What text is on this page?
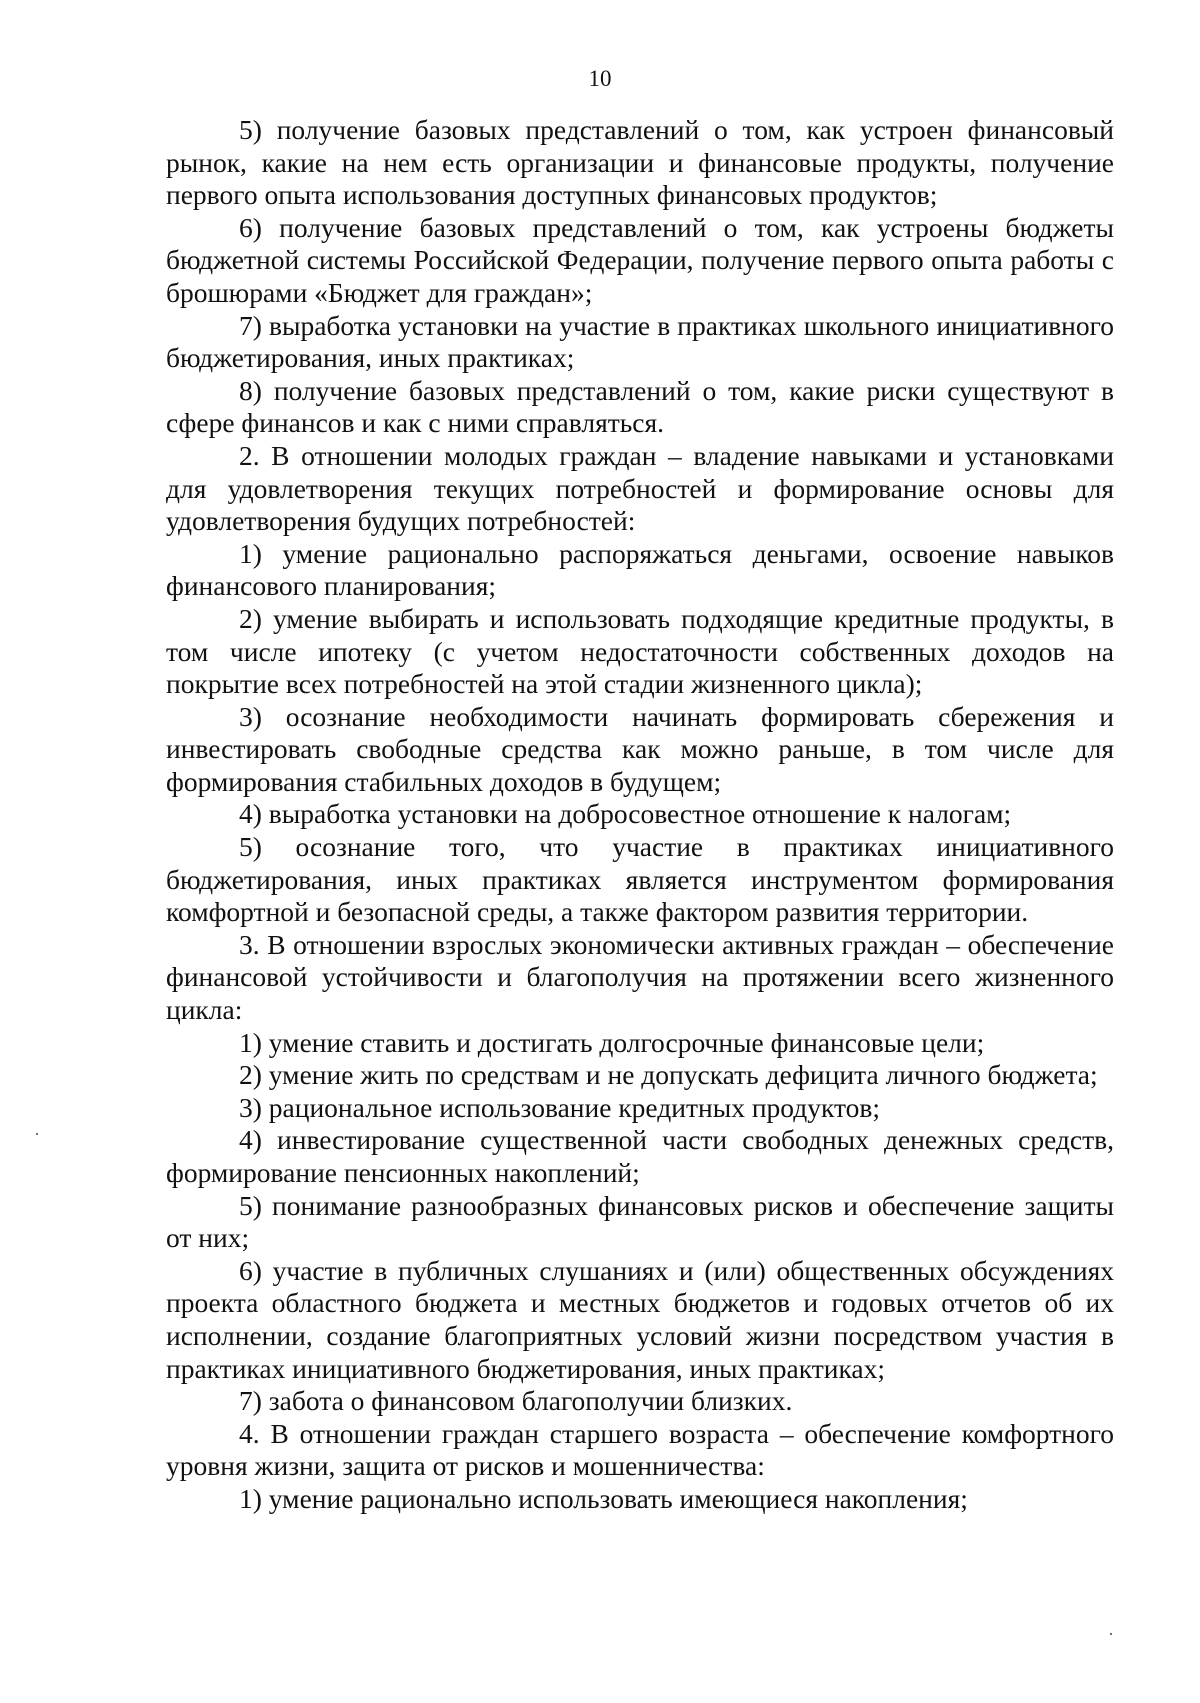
10

5) получение базовых представлений о том, как устроен финансовый рынок, какие на нем есть организации и финансовые продукты, получение первого опыта использования доступных финансовых продуктов;

6) получение базовых представлений о том, как устроены бюджеты бюджетной системы Российской Федерации, получение первого опыта работы с брошюрами «Бюджет для граждан»;

7) выработка установки на участие в практиках школьного инициативного бюджетирования, иных практиках;

8) получение базовых представлений о том, какие риски существуют в сфере финансов и как с ними справляться.

2. В отношении молодых граждан – владение навыками и установками для удовлетворения текущих потребностей и формирование основы для удовлетворения будущих потребностей:

1) умение рационально распоряжаться деньгами, освоение навыков финансового планирования;

2) умение выбирать и использовать подходящие кредитные продукты, в том числе ипотеку (с учетом недостаточности собственных доходов на покрытие всех потребностей на этой стадии жизненного цикла);

3) осознание необходимости начинать формировать сбережения и инвестировать свободные средства как можно раньше, в том числе для формирования стабильных доходов в будущем;

4) выработка установки на добросовестное отношение к налогам;

5) осознание того, что участие в практиках инициативного бюджетирования, иных практиках является инструментом формирования комфортной и безопасной среды, а также фактором развития территории.

3. В отношении взрослых экономически активных граждан – обеспечение финансовой устойчивости и благополучия на протяжении всего жизненного цикла:

1) умение ставить и достигать долгосрочные финансовые цели;

2) умение жить по средствам и не допускать дефицита личного бюджета;

3) рациональное использование кредитных продуктов;

4) инвестирование существенной части свободных денежных средств, формирование пенсионных накоплений;

5) понимание разнообразных финансовых рисков и обеспечение защиты от них;

6) участие в публичных слушаниях и (или) общественных обсуждениях проекта областного бюджета и местных бюджетов и годовых отчетов об их исполнении, создание благоприятных условий жизни посредством участия в практиках инициативного бюджетирования, иных практиках;

7) забота о финансовом благополучии близких.

4. В отношении граждан старшего возраста – обеспечение комфортного уровня жизни, защита от рисков и мошенничества:

1) умение рационально использовать имеющиеся накопления;
